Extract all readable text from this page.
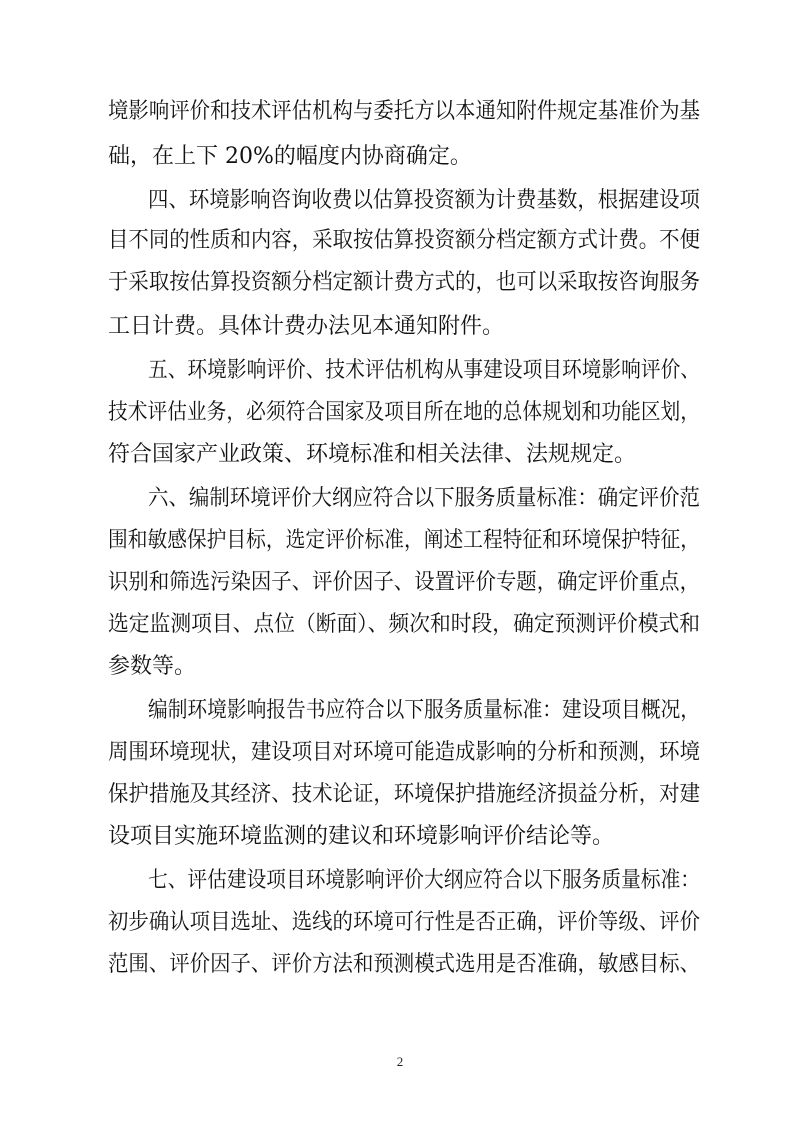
境影响评价和技术评估机构与委托方以本通知附件规定基准价为基

础，在上下 20%的幅度内协商确定。

四、环境影响咨询收费以估算投资额为计费基数，根据建设项

目不同的性质和内容，采取按估算投资额分档定额方式计费。不便

于采取按估算投资额分档定额计费方式的，也可以采取按咨询服务

工日计费。具体计费办法见本通知附件。

五、环境影响评价、技术评估机构从事建设项目环境影响评价、

技术评估业务，必须符合国家及项目所在地的总体规划和功能区划，

符合国家产业政策、环境标准和相关法律、法规规定。

六、编制环境评价大纲应符合以下服务质量标准：确定评价范

围和敏感保护目标，选定评价标准，阐述工程特征和环境保护特征，

识别和筛选污染因子、评价因子、设置评价专题，确定评价重点，

选定监测项目、点位（断面）、频次和时段，确定预测评价模式和

参数等。

编制环境影响报告书应符合以下服务质量标准：建设项目概况，

周围环境现状，建设项目对环境可能造成影响的分析和预测，环境

保护措施及其经济、技术论证，环境保护措施经济损益分析，对建

设项目实施环境监测的建议和环境影响评价结论等。

七、评估建设项目环境影响评价大纲应符合以下服务质量标准：

初步确认项目选址、选线的环境可行性是否正确，评价等级、评价

范围、评价因子、评价方法和预测模式选用是否准确，敏感目标、

2
